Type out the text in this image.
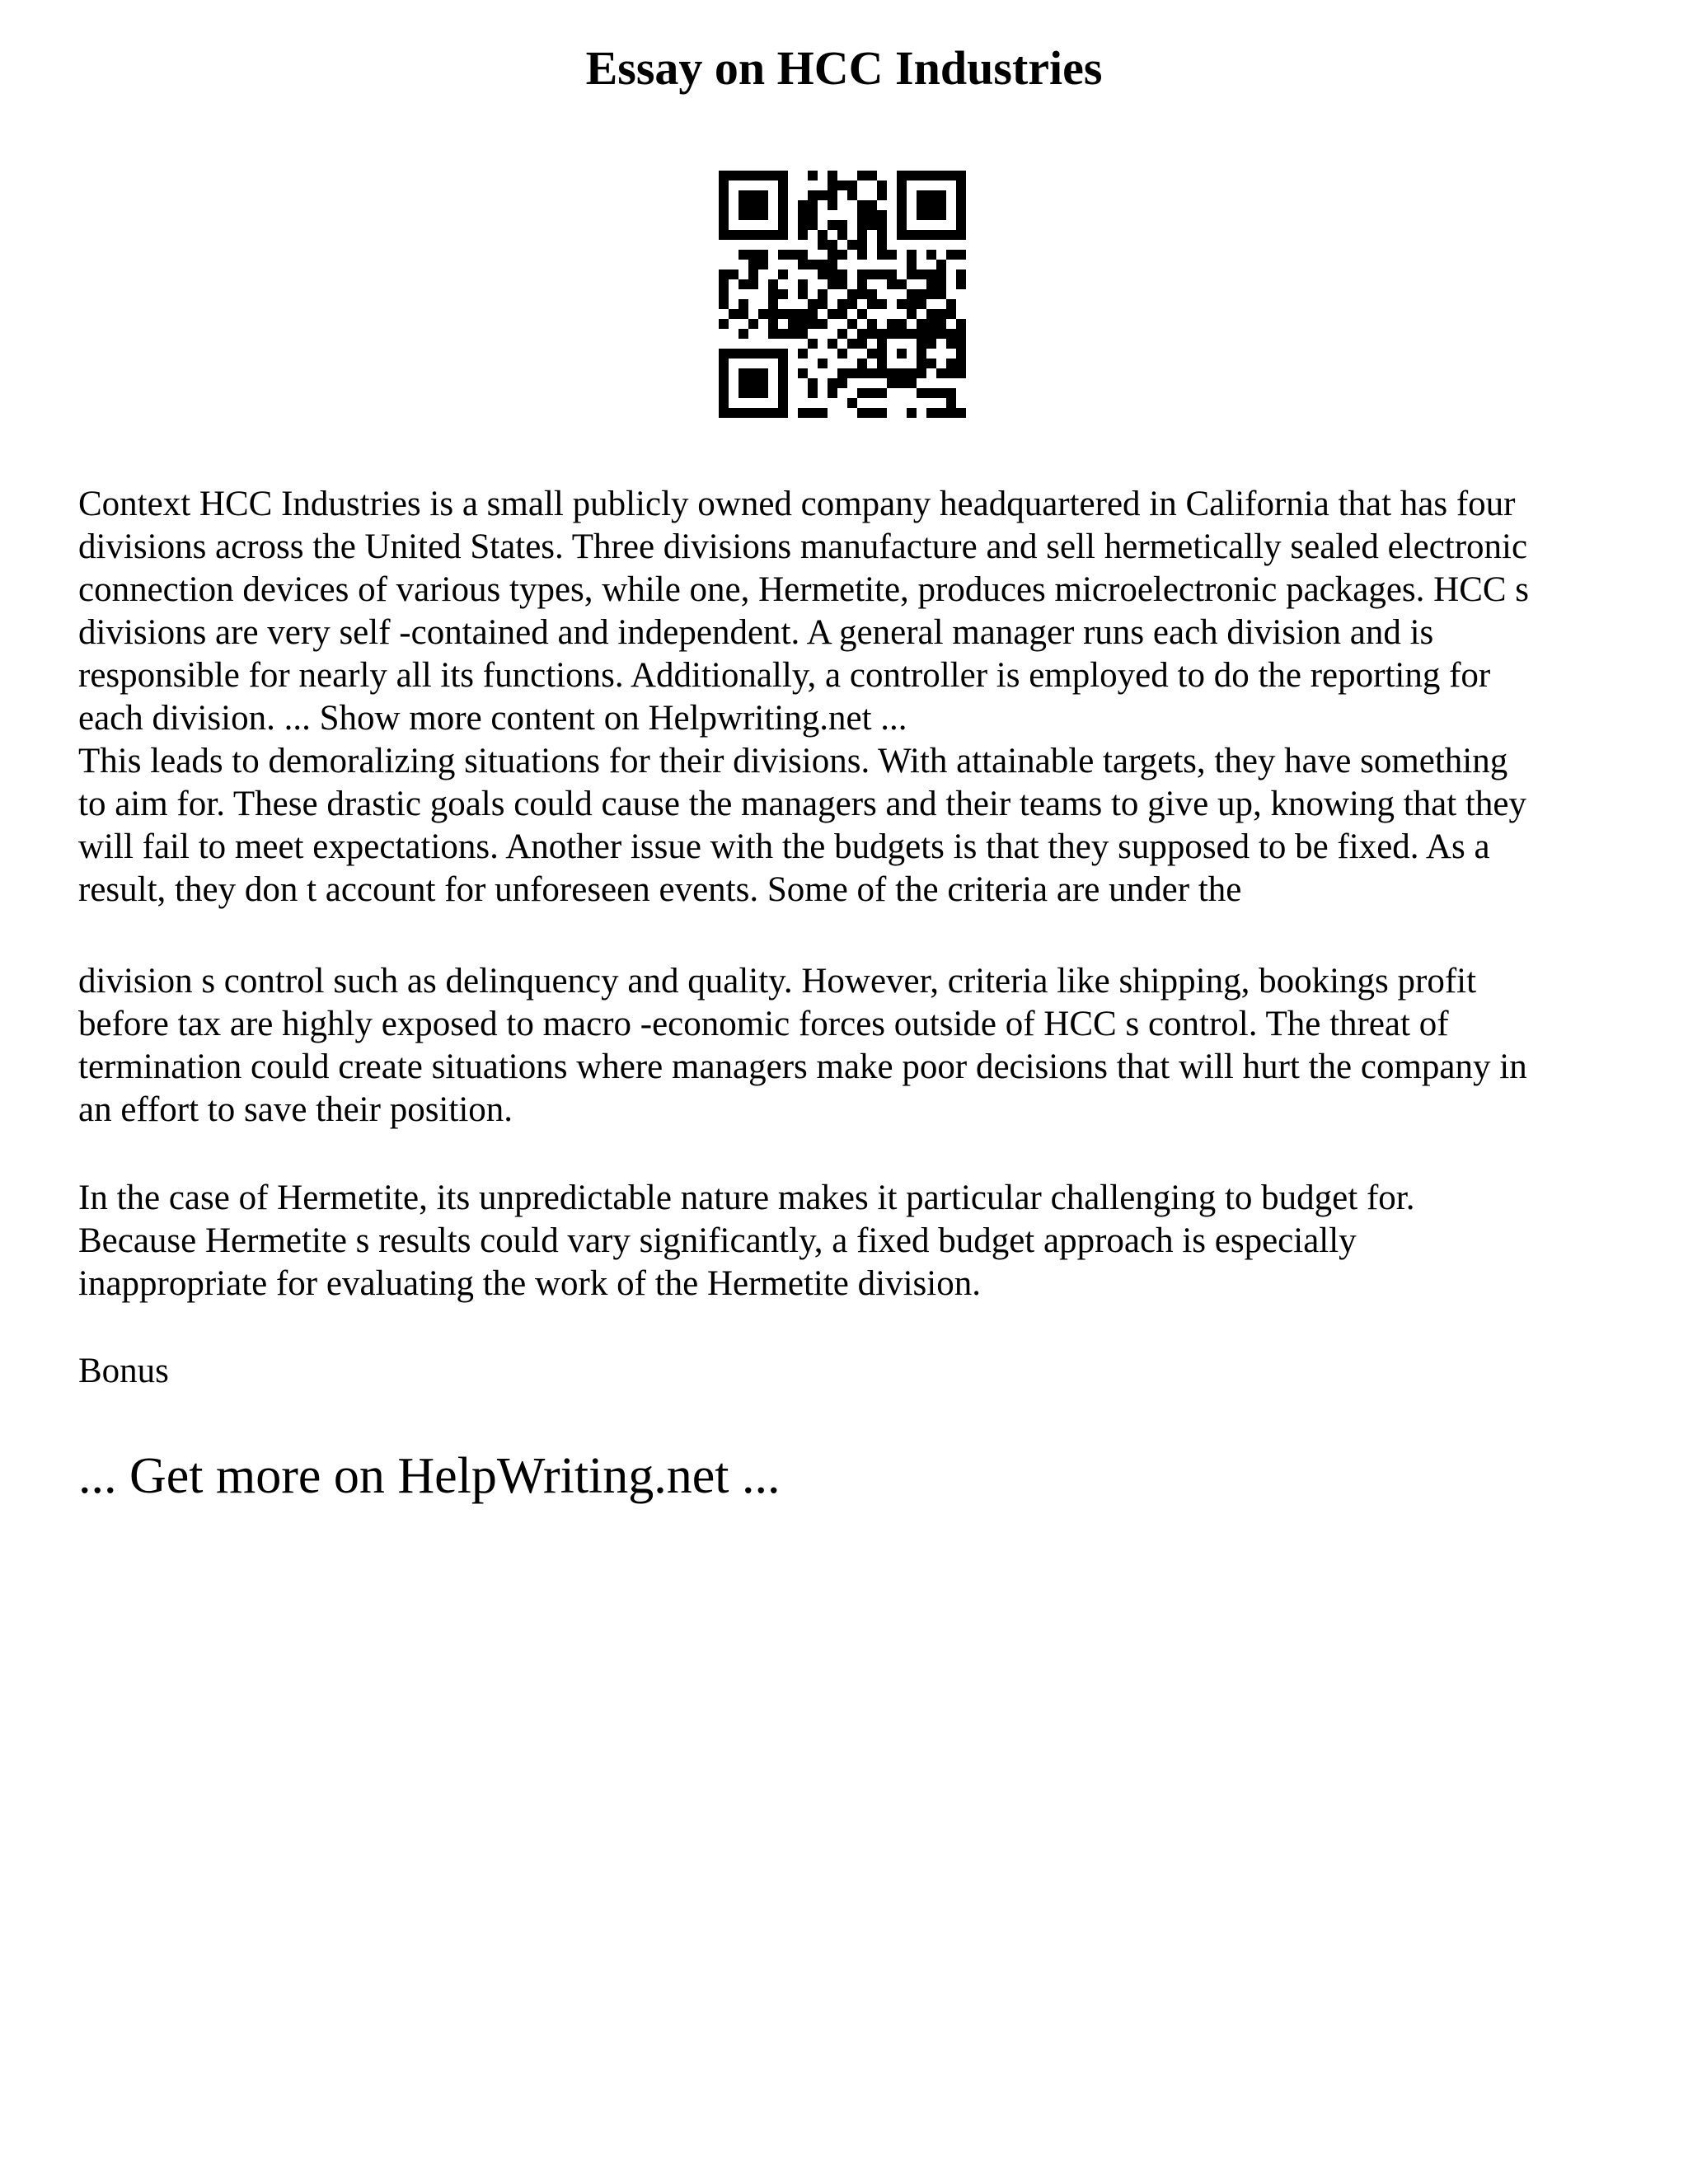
Essay on HCC Industries

Context HCC Industries is a small publicly owned company headquartered in California that has four
divisions across the United States. Three divisions manufacture and sell hermetically sealed electronic
connection devices of various types, while one, Hermetite, produces microelectronic packages. HCC s
divisions are very self -contained and independent. A general manager runs each division and is
responsible for nearly all its functions. Additionally, a controller is employed to do the reporting for
each division. ... Show more content on Helpwriting.net ...
This leads to demoralizing situations for their divisions. With attainable targets, they have something
to aim for. These drastic goals could cause the managers and their teams to give up, knowing that they
will fail to meet expectations. Another issue with the budgets is that they supposed to be fixed. As a
result, they don t account for unforeseen events. Some of the criteria are under the

division s control such as delinquency and quality. However, criteria like shipping, bookings profit
before tax are highly exposed to macro -economic forces outside of HCC s control. The threat of
termination could create situations where managers make poor decisions that will hurt the company in
an effort to save their position.

In the case of Hermetite, its unpredictable nature makes it particular challenging to budget for.
Because Hermetite s results could vary significantly, a fixed budget approach is especially
inappropriate for evaluating the work of the Hermetite division.

Bonus

... Get more on HelpWriting.net ...
